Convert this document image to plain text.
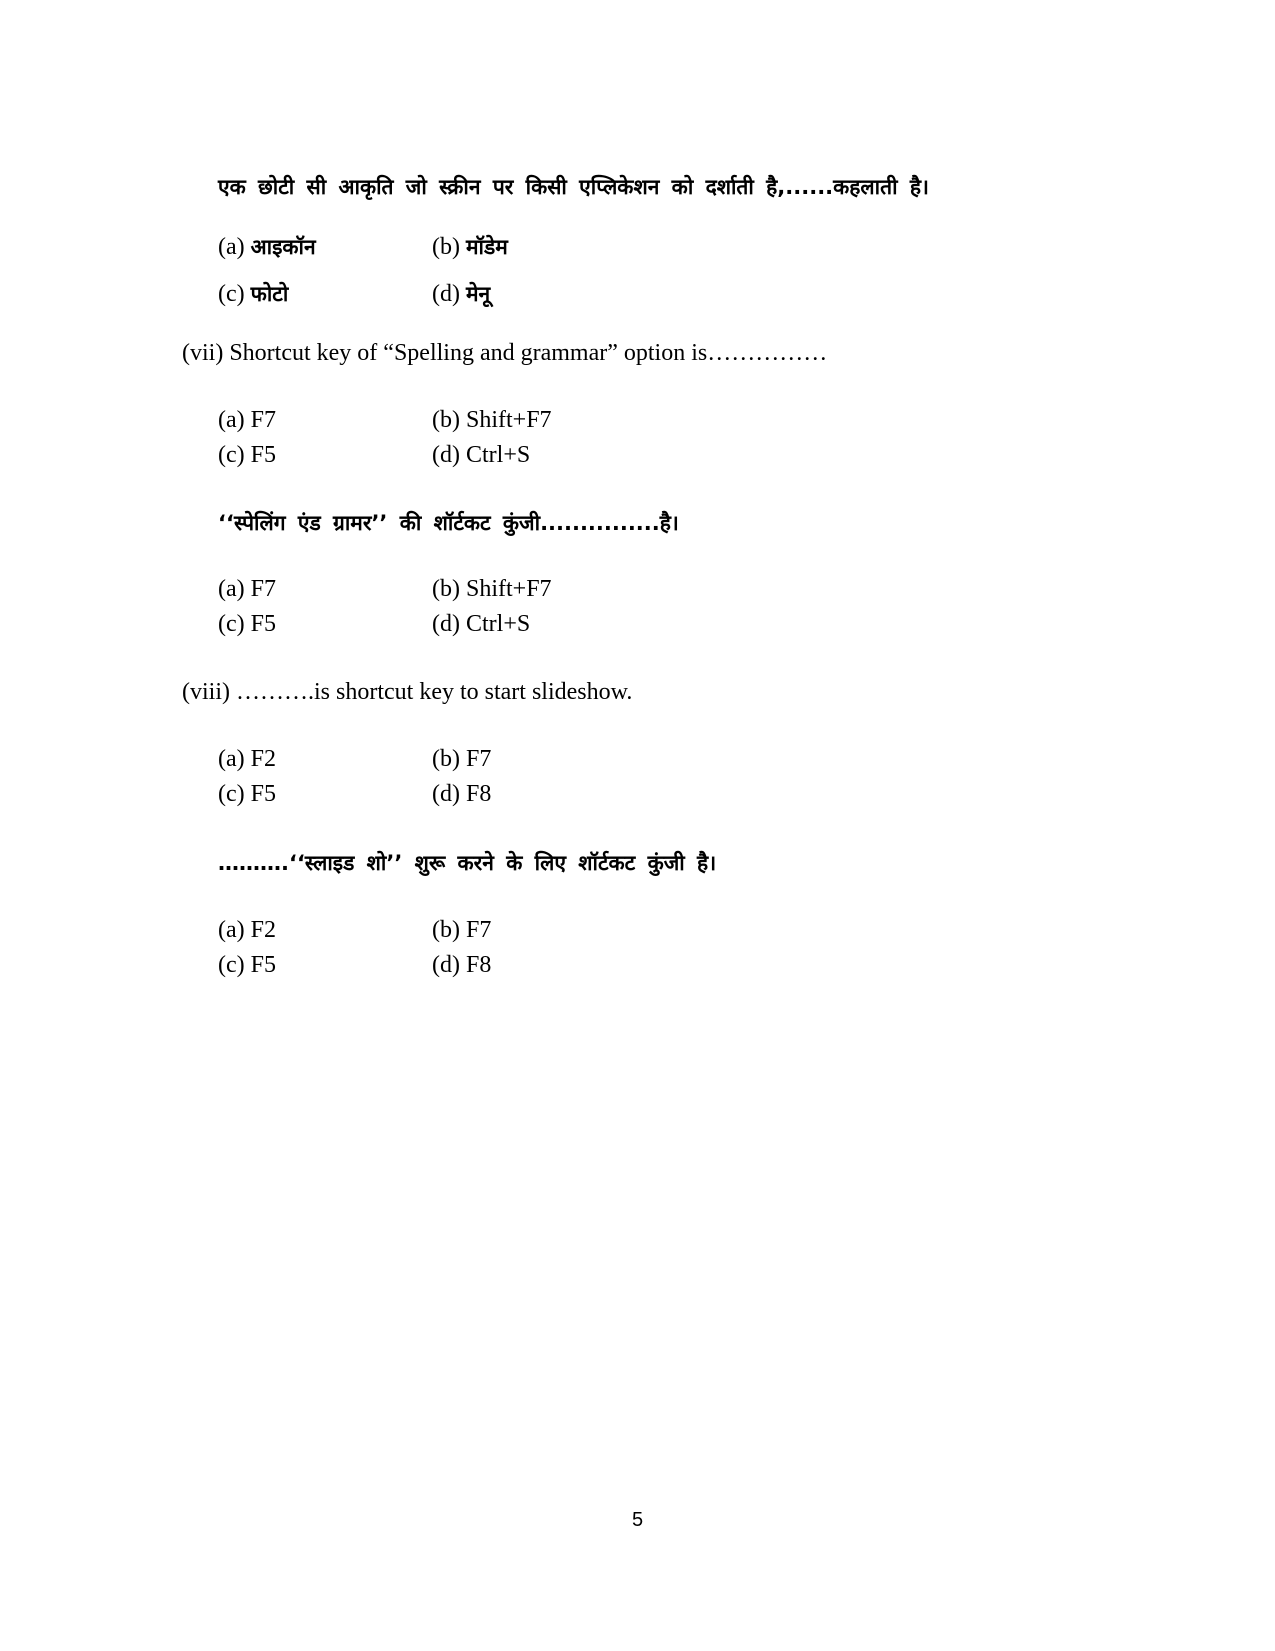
एक छोटी सी आकृति जो स्क्रीन पर किसी एप्लिकेशन को दर्शाती है,......कहलाती है।
(a) आइकॉन	(b) मॉडेम
(c) फोटो	(d) मेनू
(vii) Shortcut key of “Spelling and grammar” option is……………
(a) F7	(b) Shift+F7
(c) F5	(d) Ctrl+S
‘‘स्पेलिंग एंड ग्रामर’’ की शॉर्टकट कुंजी...............है।
(a) F7	(b) Shift+F7
(c) F5	(d) Ctrl+S
(viii) ……….is shortcut key to start slideshow.
(a) F2	(b) F7
(c) F5	(d) F8
……….‘‘स्लाइड शो’’ शुरू करने के लिए शॉर्टकट कुंजी है।
(a) F2	(b) F7
(c) F5	(d) F8
5
